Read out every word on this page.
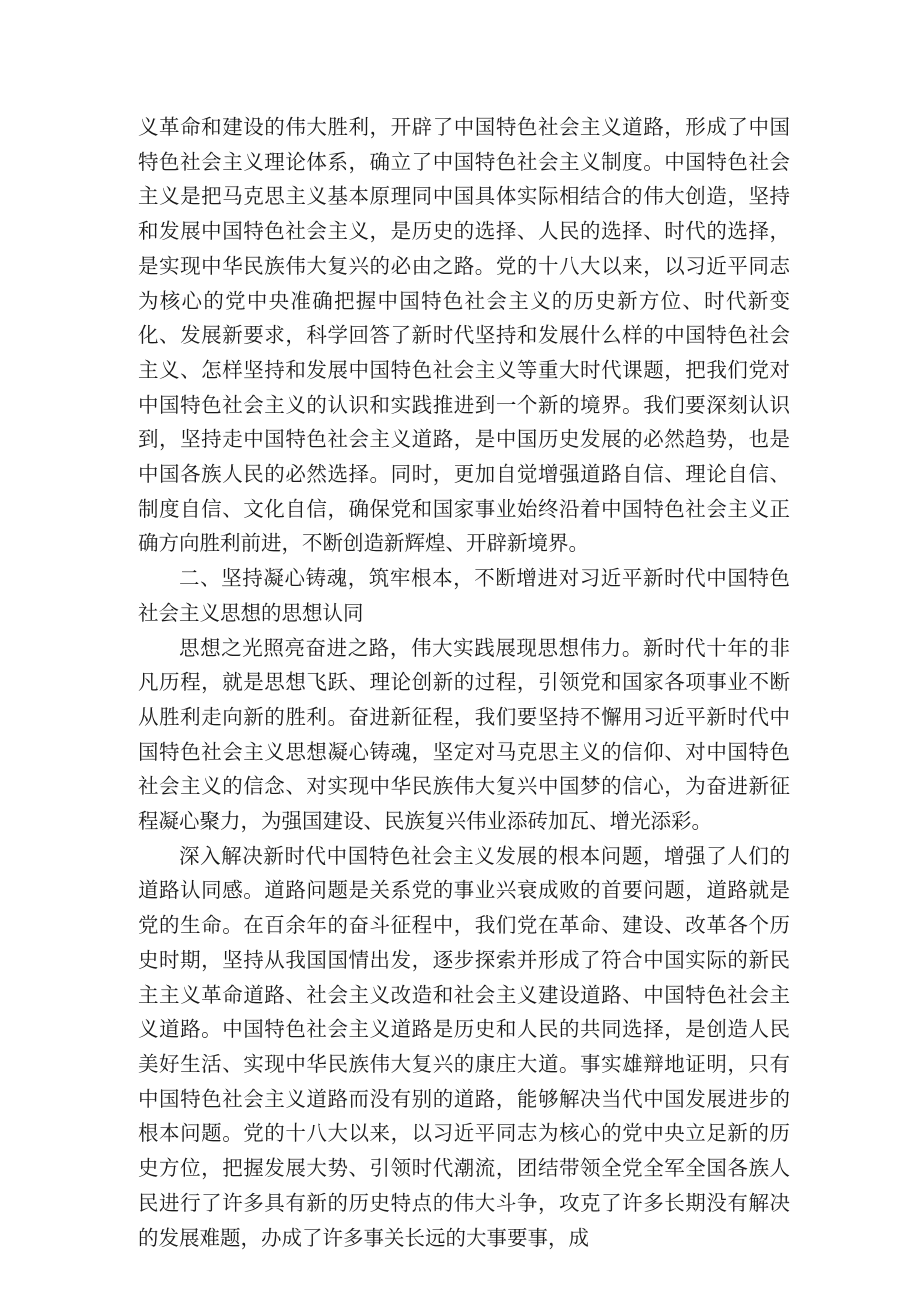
义革命和建设的伟大胜利，开辟了中国特色社会主义道路，形成了中国特色社会主义理论体系，确立了中国特色社会主义制度。中国特色社会主义是把马克思主义基本原理同中国具体实际相结合的伟大创造，坚持和发展中国特色社会主义，是历史的选择、人民的选择、时代的选择，是实现中华民族伟大复兴的必由之路。党的十八大以来，以习近平同志为核心的党中央准确把握中国特色社会主义的历史新方位、时代新变化、发展新要求，科学回答了新时代坚持和发展什么样的中国特色社会主义、怎样坚持和发展中国特色社会主义等重大时代课题，把我们党对中国特色社会主义的认识和实践推进到一个新的境界。我们要深刻认识到，坚持走中国特色社会主义道路，是中国历史发展的必然趋势，也是中国各族人民的必然选择。同时，更加自觉增强道路自信、理论自信、制度自信、文化自信，确保党和国家事业始终沿着中国特色社会主义正确方向胜利前进，不断创造新辉煌、开辟新境界。

二、坚持凝心铸魂，筑牢根本，不断增进对习近平新时代中国特色社会主义思想的思想认同

思想之光照亮奋进之路，伟大实践展现思想伟力。新时代十年的非凡历程，就是思想飞跃、理论创新的过程，引领党和国家各项事业不断从胜利走向新的胜利。奋进新征程，我们要坚持不懈用习近平新时代中国特色社会主义思想凝心铸魂，坚定对马克思主义的信仰、对中国特色社会主义的信念、对实现中华民族伟大复兴中国梦的信心，为奋进新征程凝心聚力，为强国建设、民族复兴伟业添砖加瓦、增光添彩。

深入解决新时代中国特色社会主义发展的根本问题，增强了人们的道路认同感。道路问题是关系党的事业兴衰成败的首要问题，道路就是党的生命。在百余年的奋斗征程中，我们党在革命、建设、改革各个历史时期，坚持从我国国情出发，逐步探索并形成了符合中国实际的新民主主义革命道路、社会主义改造和社会主义建设道路、中国特色社会主义道路。中国特色社会主义道路是历史和人民的共同选择，是创造人民美好生活、实现中华民族伟大复兴的康庄大道。事实雄辩地证明，只有中国特色社会主义道路而没有别的道路，能够解决当代中国发展进步的根本问题。党的十八大以来，以习近平同志为核心的党中央立足新的历史方位，把握发展大势、引领时代潮流，团结带领全党全军全国各族人民进行了许多具有新的历史特点的伟大斗争，攻克了许多长期没有解决的发展难题，办成了许多事关长远的大事要事，成
